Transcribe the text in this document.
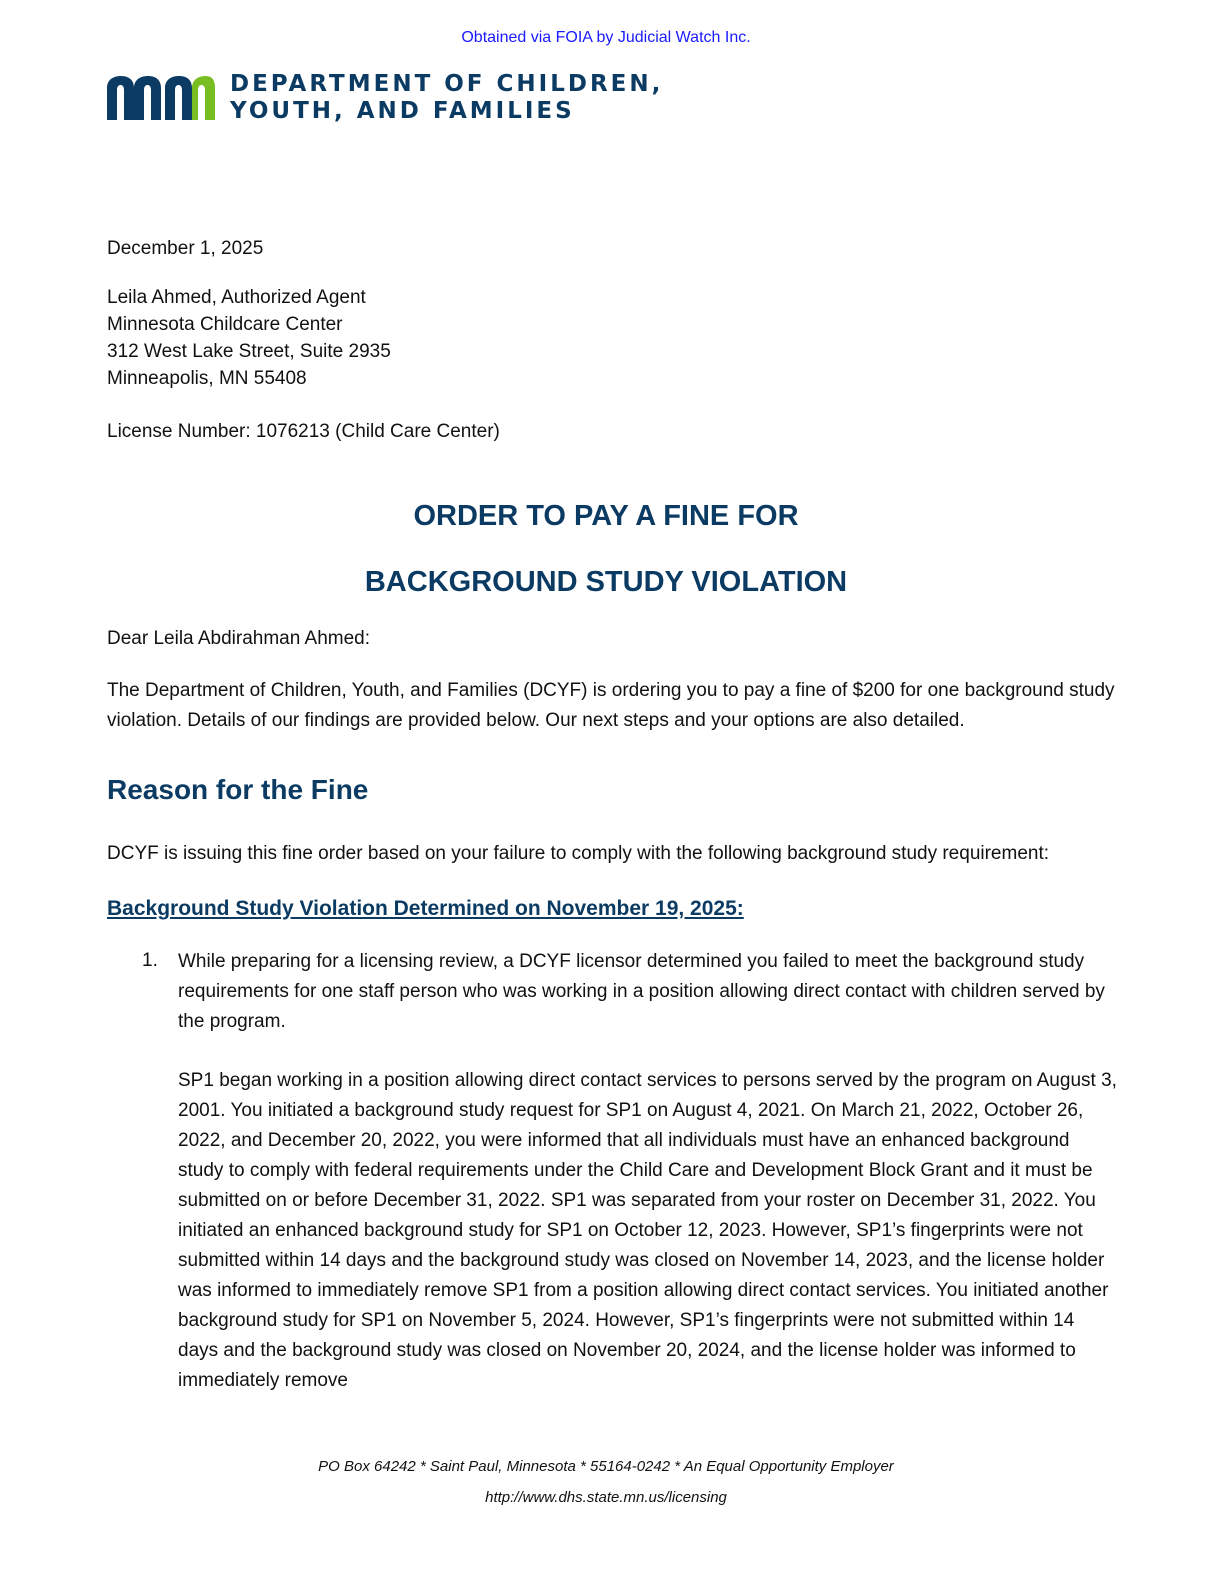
Obtained via FOIA by Judicial Watch Inc.
DEPARTMENT OF CHILDREN,
YOUTH, AND FAMILIES
December 1, 2025
Leila Ahmed, Authorized Agent
Minnesota Childcare Center
312 West Lake Street, Suite 2935
Minneapolis, MN 55408
License Number: 1076213 (Child Care Center)
ORDER TO PAY A FINE FOR
BACKGROUND STUDY VIOLATION
Dear Leila Abdirahman Ahmed:
The Department of Children, Youth, and Families (DCYF) is ordering you to pay a fine of $200 for one background study violation. Details of our findings are provided below. Our next steps and your options are also detailed.
Reason for the Fine
DCYF is issuing this fine order based on your failure to comply with the following background study requirement:
Background Study Violation Determined on November 19, 2025:
1. While preparing for a licensing review, a DCYF licensor determined you failed to meet the background study requirements for one staff person who was working in a position allowing direct contact with children served by the program.
SP1 began working in a position allowing direct contact services to persons served by the program on August 3, 2001. You initiated a background study request for SP1 on August 4, 2021. On March 21, 2022, October 26, 2022, and December 20, 2022, you were informed that all individuals must have an enhanced background study to comply with federal requirements under the Child Care and Development Block Grant and it must be submitted on or before December 31, 2022. SP1 was separated from your roster on December 31, 2022. You initiated an enhanced background study for SP1 on October 12, 2023. However, SP1’s fingerprints were not submitted within 14 days and the background study was closed on November 14, 2023, and the license holder was informed to immediately remove SP1 from a position allowing direct contact services. You initiated another background study for SP1 on November 5, 2024. However, SP1’s fingerprints were not submitted within 14 days and the background study was closed on November 20, 2024, and the license holder was informed to immediately remove
PO Box 64242 * Saint Paul, Minnesota * 55164-0242 * An Equal Opportunity Employer
http://www.dhs.state.mn.us/licensing
